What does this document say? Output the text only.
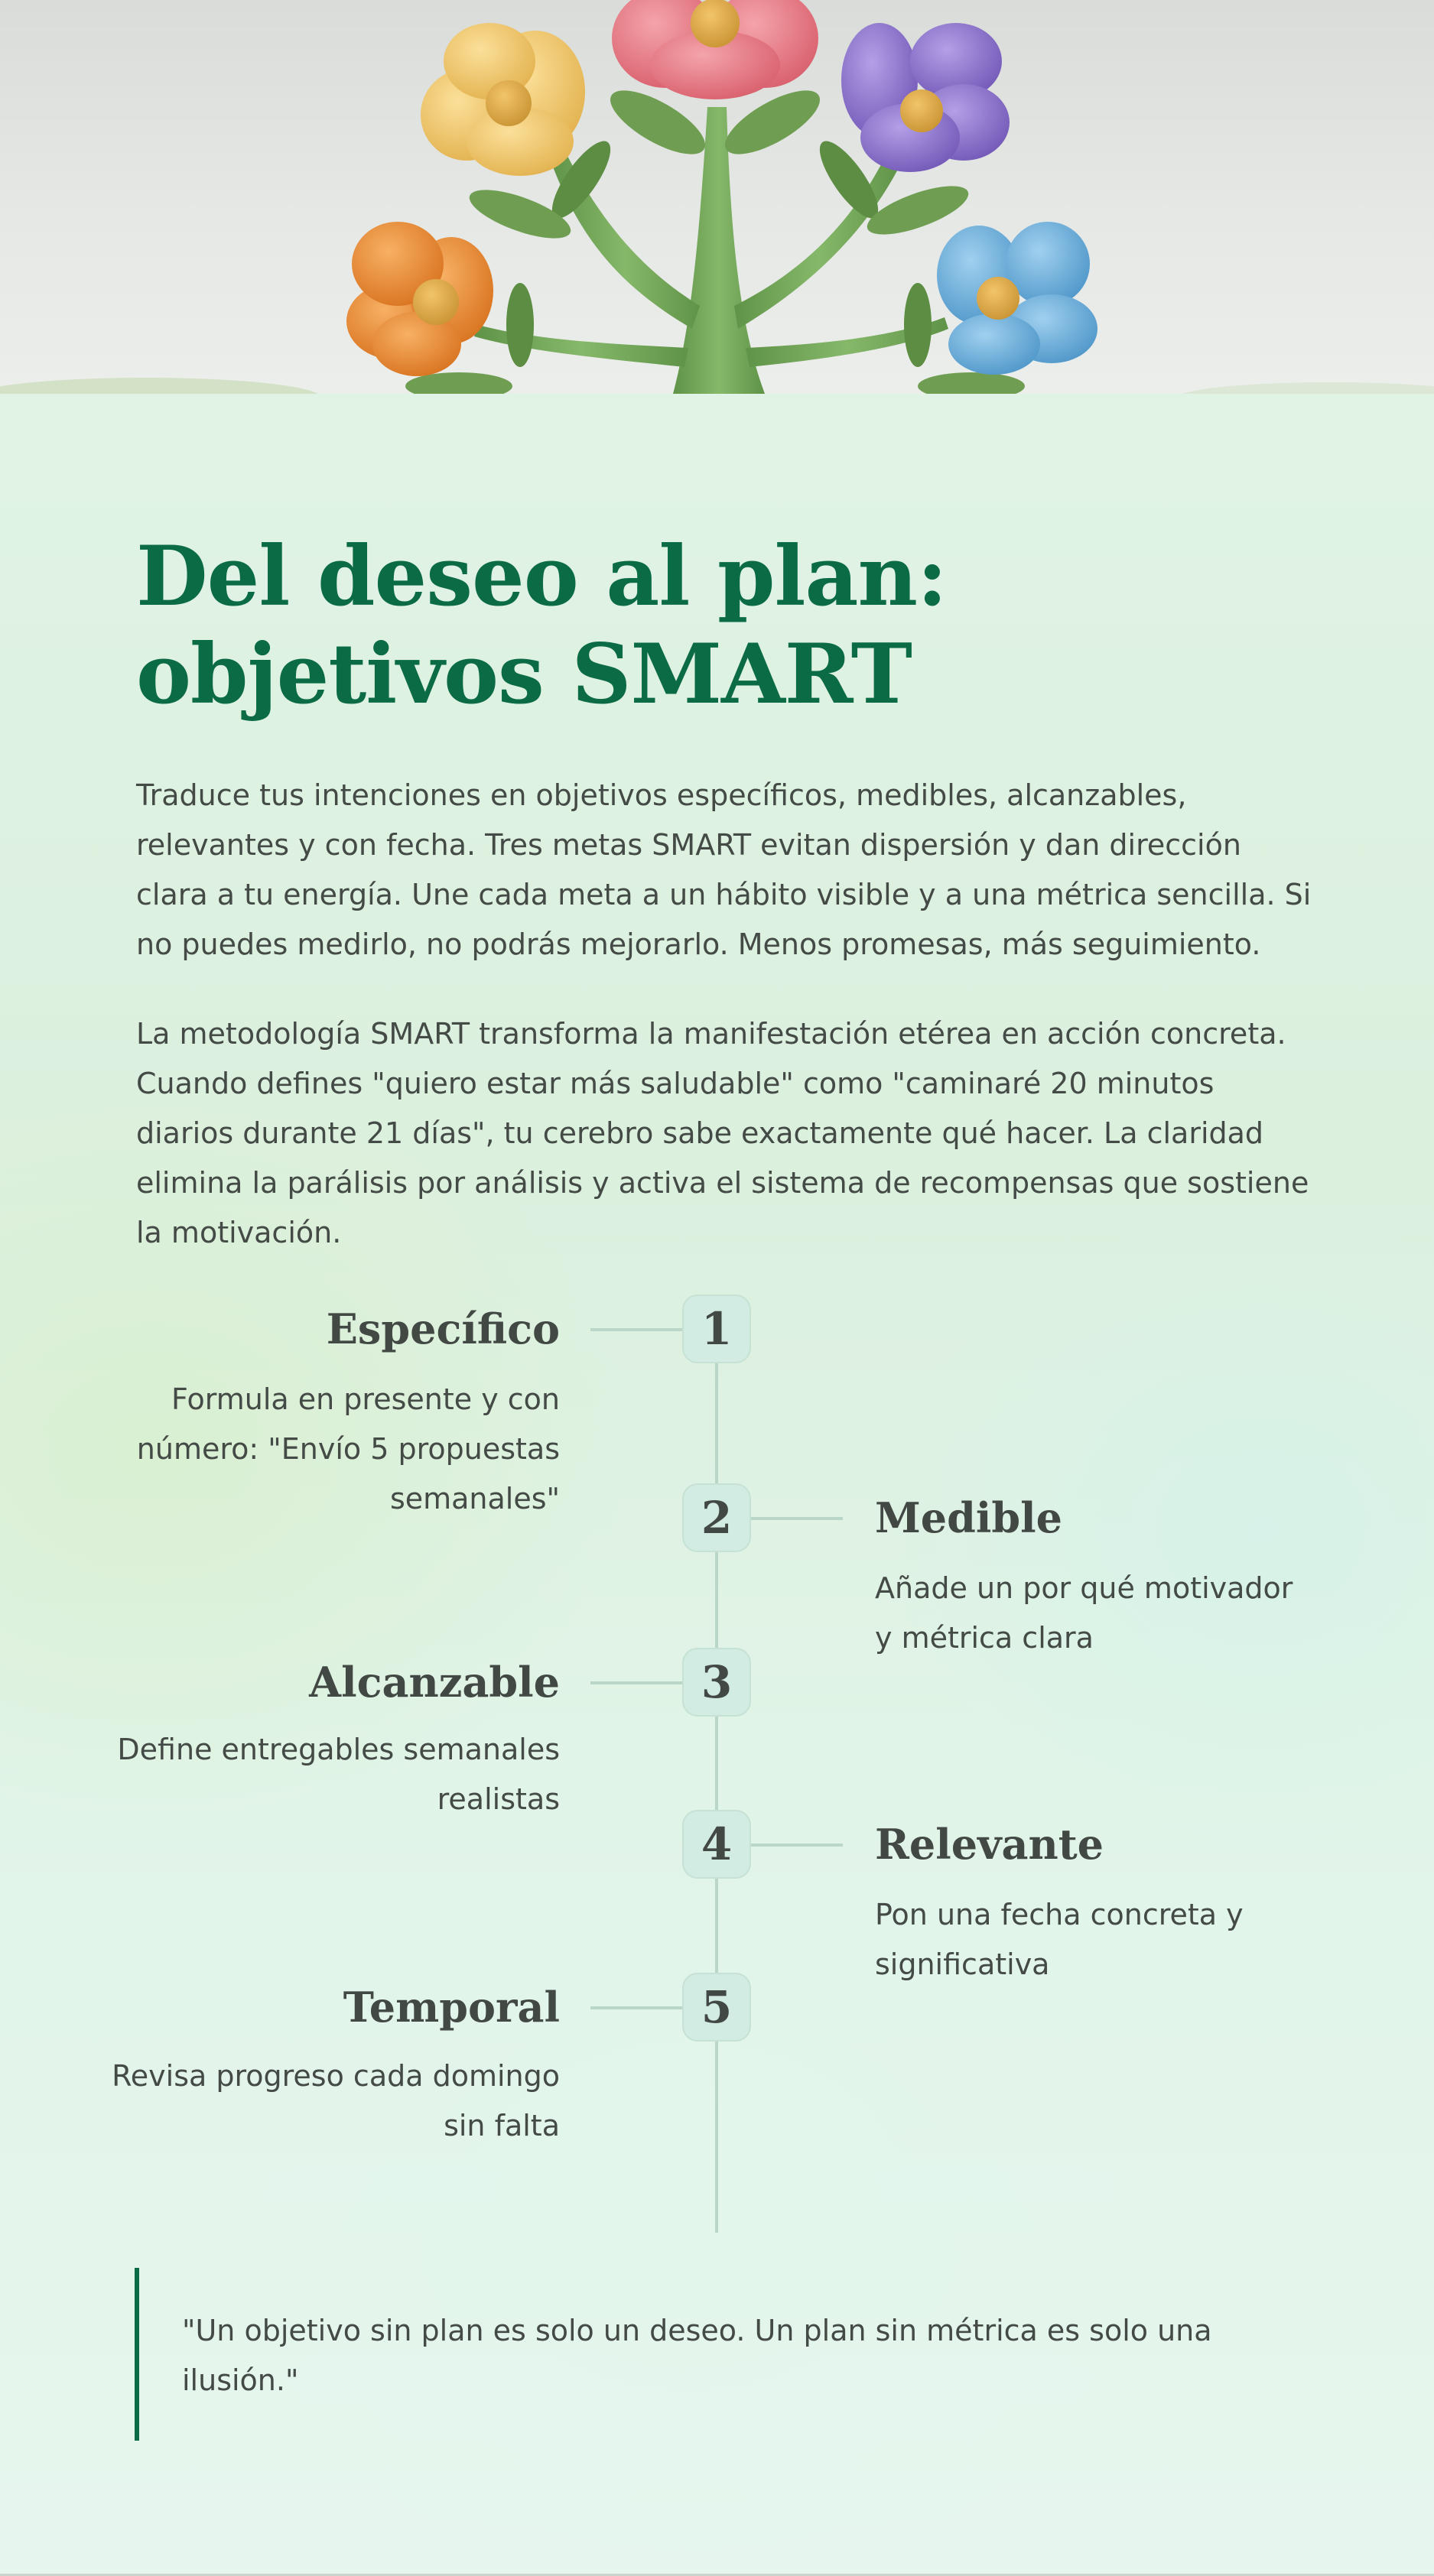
Del deseo al plan: objetivos SMART

Traduce tus intenciones en objetivos específicos, medibles, alcanzables, relevantes y con fecha. Tres metas SMART evitan dispersión y dan dirección clara a tu energía. Une cada meta a un hábito visible y a una métrica sencilla. Si no puedes medirlo, no podrás mejorarlo. Menos promesas, más seguimiento.

La metodología SMART transforma la manifestación etérea en acción concreta. Cuando defines "quiero estar más saludable" como "caminaré 20 minutos diarios durante 21 días", tu cerebro sabe exactamente qué hacer. La claridad elimina la parálisis por análisis y activa el sistema de recompensas que sostiene la motivación.

1
Específico

Formula en presente y con número: "Envío 5 propuestas semanales"	2	Medible

Añade un por qué motivador y métrica clara

3
Alcanzable

Define entregables semanales realistas

4	Relevante

Pon una fecha concreta y significativa

5
Temporal

Revisa progreso cada domingo sin falta

"Un objetivo sin plan es solo un deseo. Un plan sin métrica es solo una ilusión."
